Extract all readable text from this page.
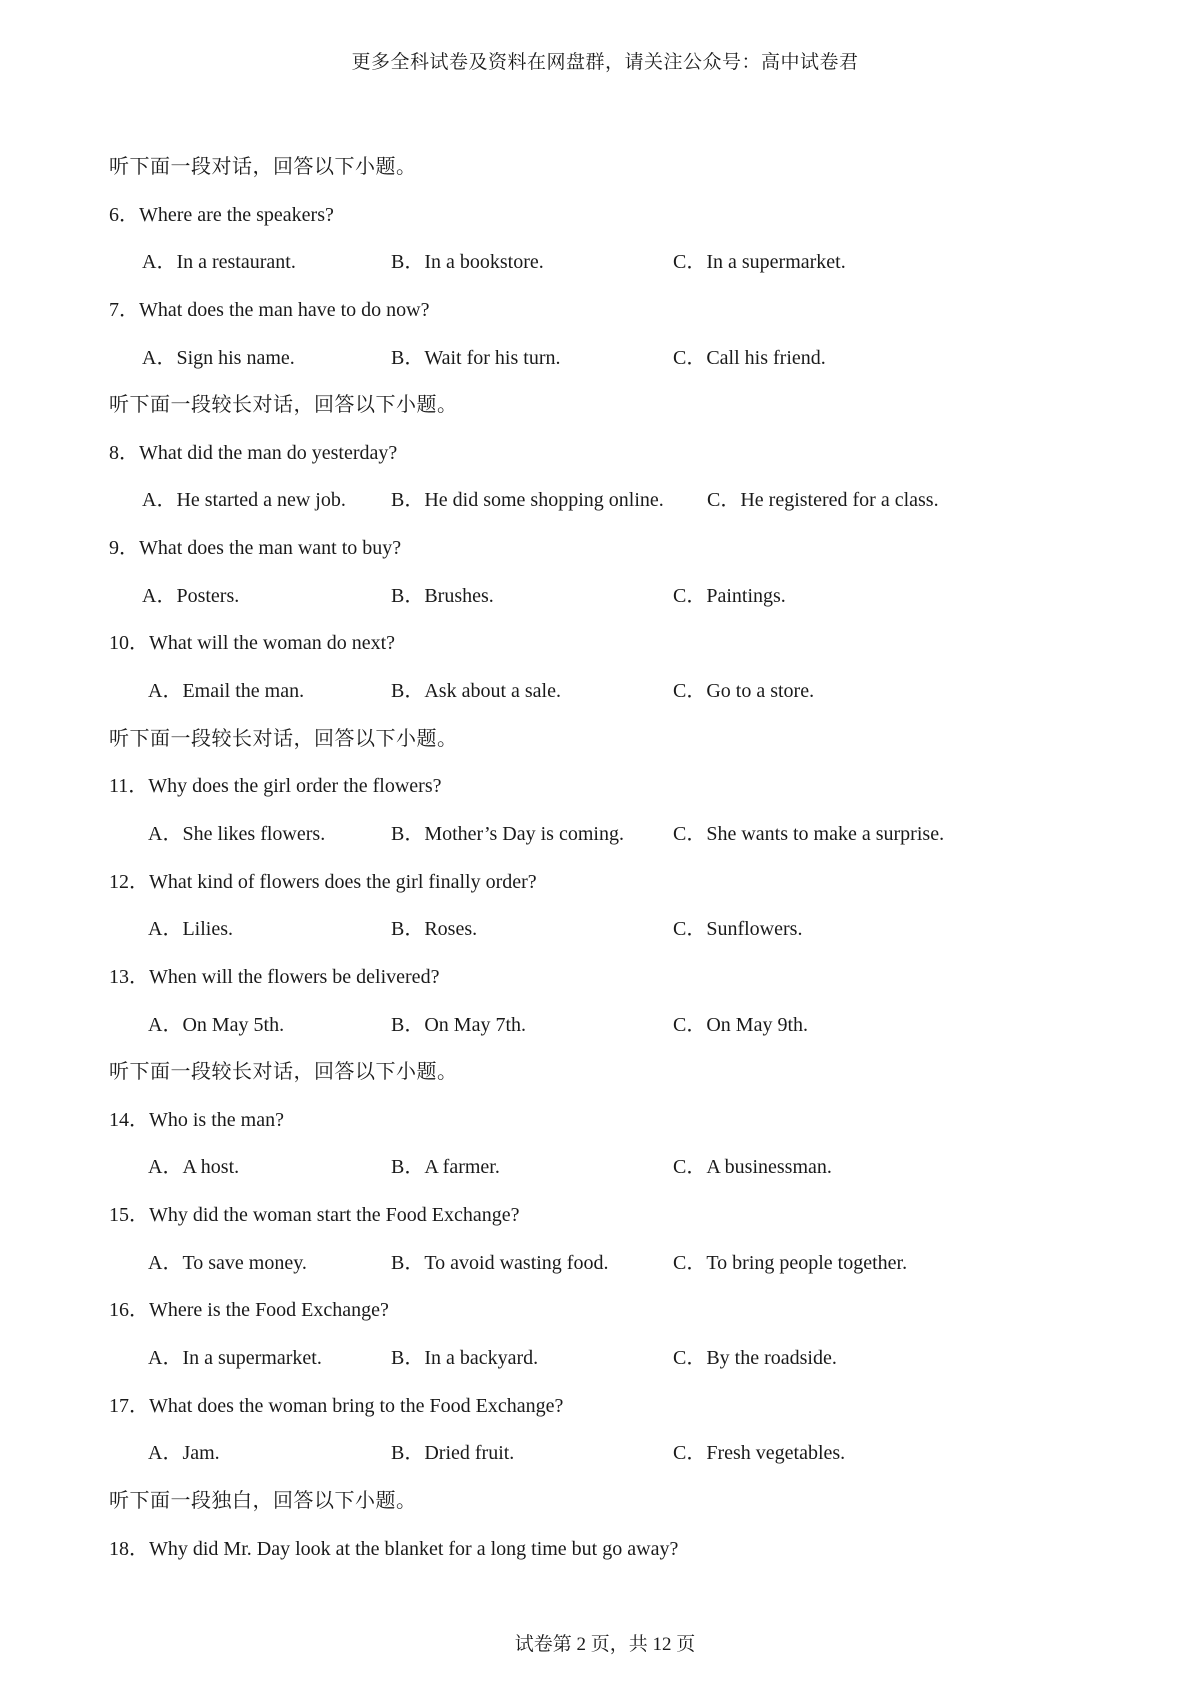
更多全科试卷及资料在网盘群，请关注公众号：高中试卷君
听下面一段对话，回答以下小题。
6．Where are the speakers?
A．In a restaurant.	B．In a bookstore.	C．In a supermarket.
7．What does the man have to do now?
A．Sign his name.	B．Wait for his turn.	C．Call his friend.
听下面一段较长对话，回答以下小题。
8．What did the man do yesterday?
A．He started a new job. B．He did some shopping online. C．He registered for a class.
9．What does the man want to buy?
A．Posters.	B．Brushes.	C．Paintings.
10．What will the woman do next?
A．Email the man.	B．Ask about a sale.	C．Go to a store.
听下面一段较长对话，回答以下小题。
11．Why does the girl order the flowers?
A．She likes flowers.	B．Mother’s Day is coming. C．She wants to make a surprise.
12．What kind of flowers does the girl finally order?
A．Lilies.	B．Roses.	C．Sunflowers.
13．When will the flowers be delivered?
A．On May 5th.	B．On May 7th.	C．On May 9th.
听下面一段较长对话，回答以下小题。
14．Who is the man?
A．A host.	B．A farmer.	C．A businessman.
15．Why did the woman start the Food Exchange?
A．To save money.	B．To avoid wasting food.	C．To bring people together.
16．Where is the Food Exchange?
A．In a supermarket.	B．In a backyard.	C．By the roadside.
17．What does the woman bring to the Food Exchange?
A．Jam.	B．Dried fruit.	C．Fresh vegetables.
听下面一段独白，回答以下小题。
18．Why did Mr. Day look at the blanket for a long time but go away?
试卷第 2 页，共 12 页
